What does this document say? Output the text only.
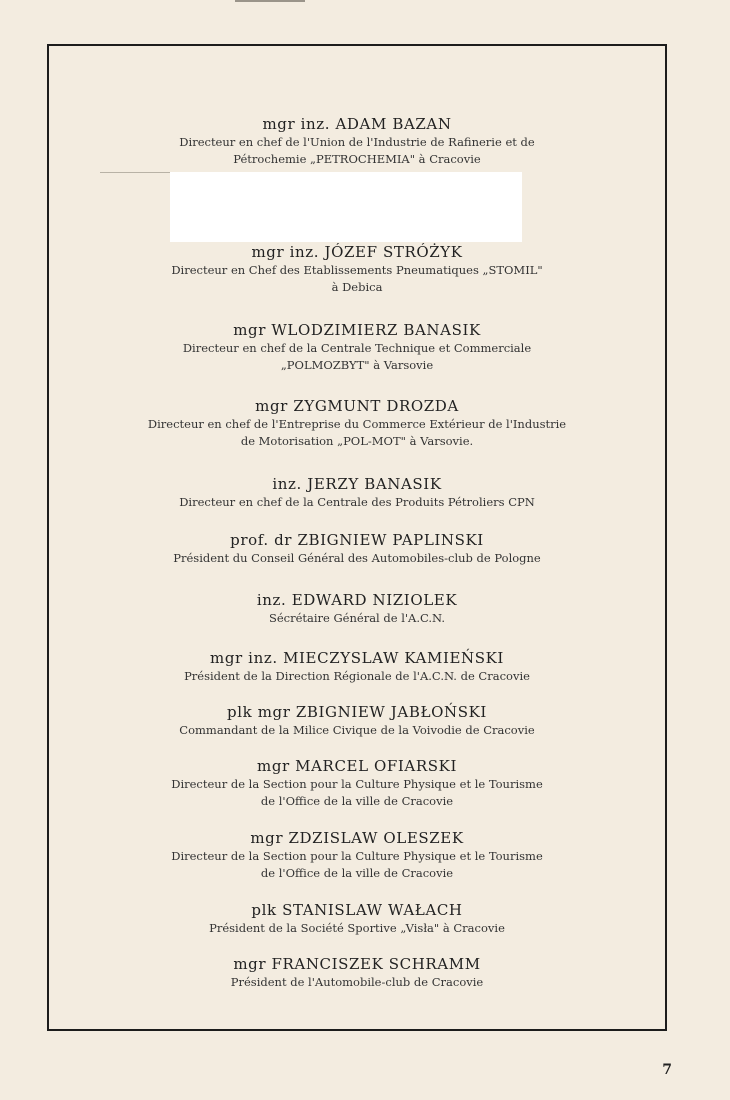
mgr inz. ADAM BAZAN
Directeur en chef de l'Union de l'Industrie de Rafinerie et de
Pétrochemie „PETROCHEMIA" à Cracovie
mgr inz. JÓZEF STRÓŻYK
Directeur en Chef des Etablissements Pneumatiques „STOMIL"
à Debica
mgr WLODZIMIERZ BANASIK
Directeur en chef de la Centrale Technique et Commerciale
„POLMOZBYT" à Varsovie
mgr ZYGMUNT DROZDA
Directeur en chef de l'Entreprise du Commerce Extérieur de l'Industrie
de Motorisation „POL-MOT" à Varsovie.
inz. JERZY BANASIK
Directeur en chef de la Centrale des Produits Pétroliers CPN
prof. dr ZBIGNIEW PAPLINSKI
Président du Conseil Général des Automobiles-club de Pologne
inz. EDWARD NIZIOLEK
Sécrétaire Général de l'A.C.N.
mgr inz. MIECZYSLAW KAMIEŃSKI
Président de la Direction Régionale de l'A.C.N. de Cracovie
plk mgr ZBIGNIEW JABŁOŃSKI
Commandant de la Milice Civique de la Voivodie de Cracovie
mgr MARCEL OFIARSKI
Directeur de la Section pour la Culture Physique et le Tourisme
de l'Office de la ville de Cracovie
mgr ZDZISLAW OLESZEK
Directeur de la Section pour la Culture Physique et le Tourisme
de l'Office de la ville de Cracovie
plk STANISLAW WAŁACH
Président de la Société Sportive „Visła" à Cracovie
mgr FRANCISZEK SCHRAMM
Président de l'Automobile-club de Cracovie
7
